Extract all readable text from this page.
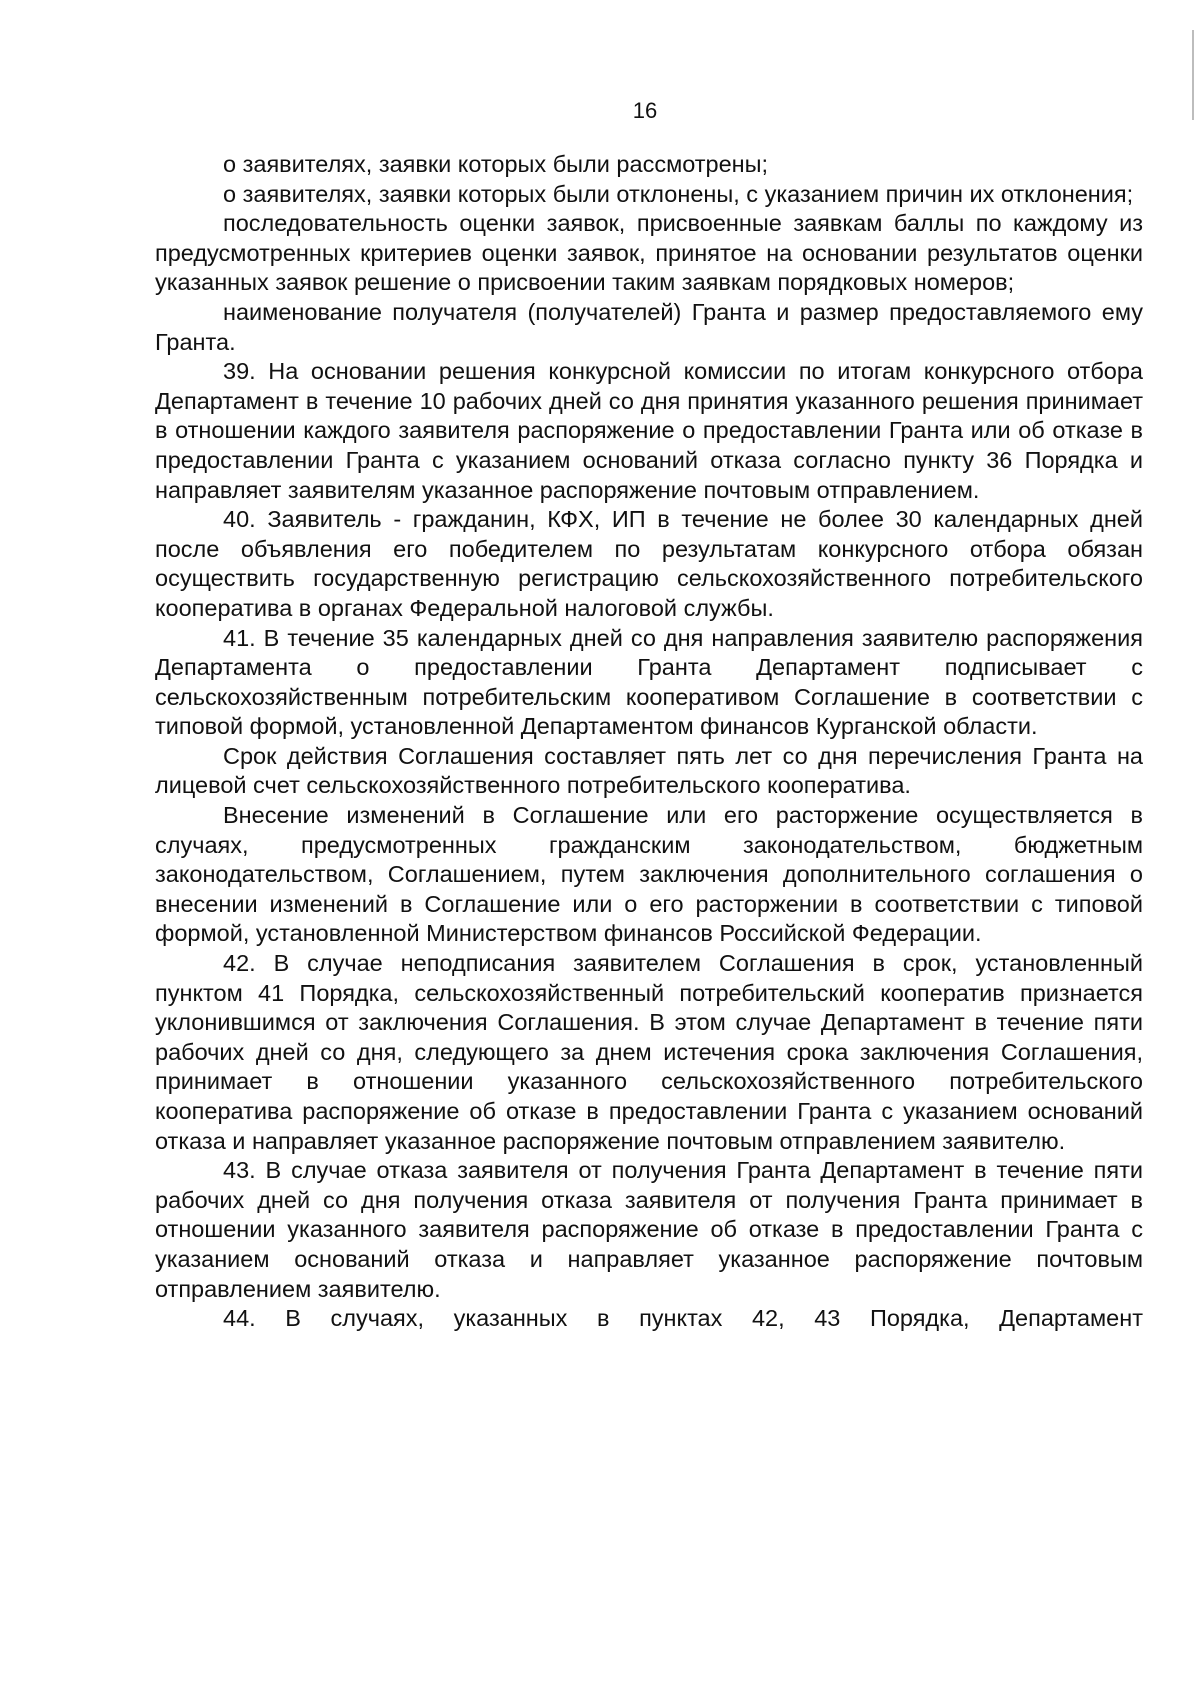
16

о заявителях, заявки которых были рассмотрены;

о заявителях, заявки которых были отклонены, с указанием причин их отклонения;

последовательность оценки заявок, присвоенные заявкам баллы по каждому из предусмотренных критериев оценки заявок, принятое на основании результатов оценки указанных заявок решение о присвоении таким заявкам порядковых номеров;

наименование получателя (получателей) Гранта и размер предоставляемого ему Гранта.

39. На основании решения конкурсной комиссии по итогам конкурсного отбора Департамент в течение 10 рабочих дней со дня принятия указанного решения принимает в отношении каждого заявителя распоряжение о предоставлении Гранта или об отказе в предоставлении Гранта с указанием оснований отказа согласно пункту 36 Порядка и направляет заявителям указанное распоряжение почтовым отправлением.

40. Заявитель - гражданин, КФХ, ИП в течение не более 30 календарных дней после объявления его победителем по результатам конкурсного отбора обязан осуществить государственную регистрацию сельскохозяйственного потребительского кооператива в органах Федеральной налоговой службы.

41. В течение 35 календарных дней со дня направления заявителю распоряжения Департамента о предоставлении Гранта Департамент подписывает с сельскохозяйственным потребительским кооперативом Соглашение в соответствии с типовой формой, установленной Департаментом финансов Курганской области.

Срок действия Соглашения составляет пять лет со дня перечисления Гранта на лицевой счет сельскохозяйственного потребительского кооператива.

Внесение изменений в Соглашение или его расторжение осуществляется в случаях, предусмотренных гражданским законодательством, бюджетным законодательством, Соглашением, путем заключения дополнительного соглашения о внесении изменений в Соглашение или о его расторжении в соответствии с типовой формой, установленной Министерством финансов Российской Федерации.

42. В случае неподписания заявителем Соглашения в срок, установленный пунктом 41 Порядка, сельскохозяйственный потребительский кооператив признается уклонившимся от заключения Соглашения. В этом случае Департамент в течение пяти рабочих дней со дня, следующего за днем истечения срока заключения Соглашения, принимает в отношении указанного сельскохозяйственного потребительского кооператива распоряжение об отказе в предоставлении Гранта с указанием оснований отказа и направляет указанное распоряжение почтовым отправлением заявителю.

43. В случае отказа заявителя от получения Гранта Департамент в течение пяти рабочих дней со дня получения отказа заявителя от получения Гранта принимает в отношении указанного заявителя распоряжение об отказе в предоставлении Гранта с указанием оснований отказа и направляет указанное распоряжение почтовым отправлением заявителю.

44. В случаях, указанных в пунктах 42, 43 Порядка, Департамент
